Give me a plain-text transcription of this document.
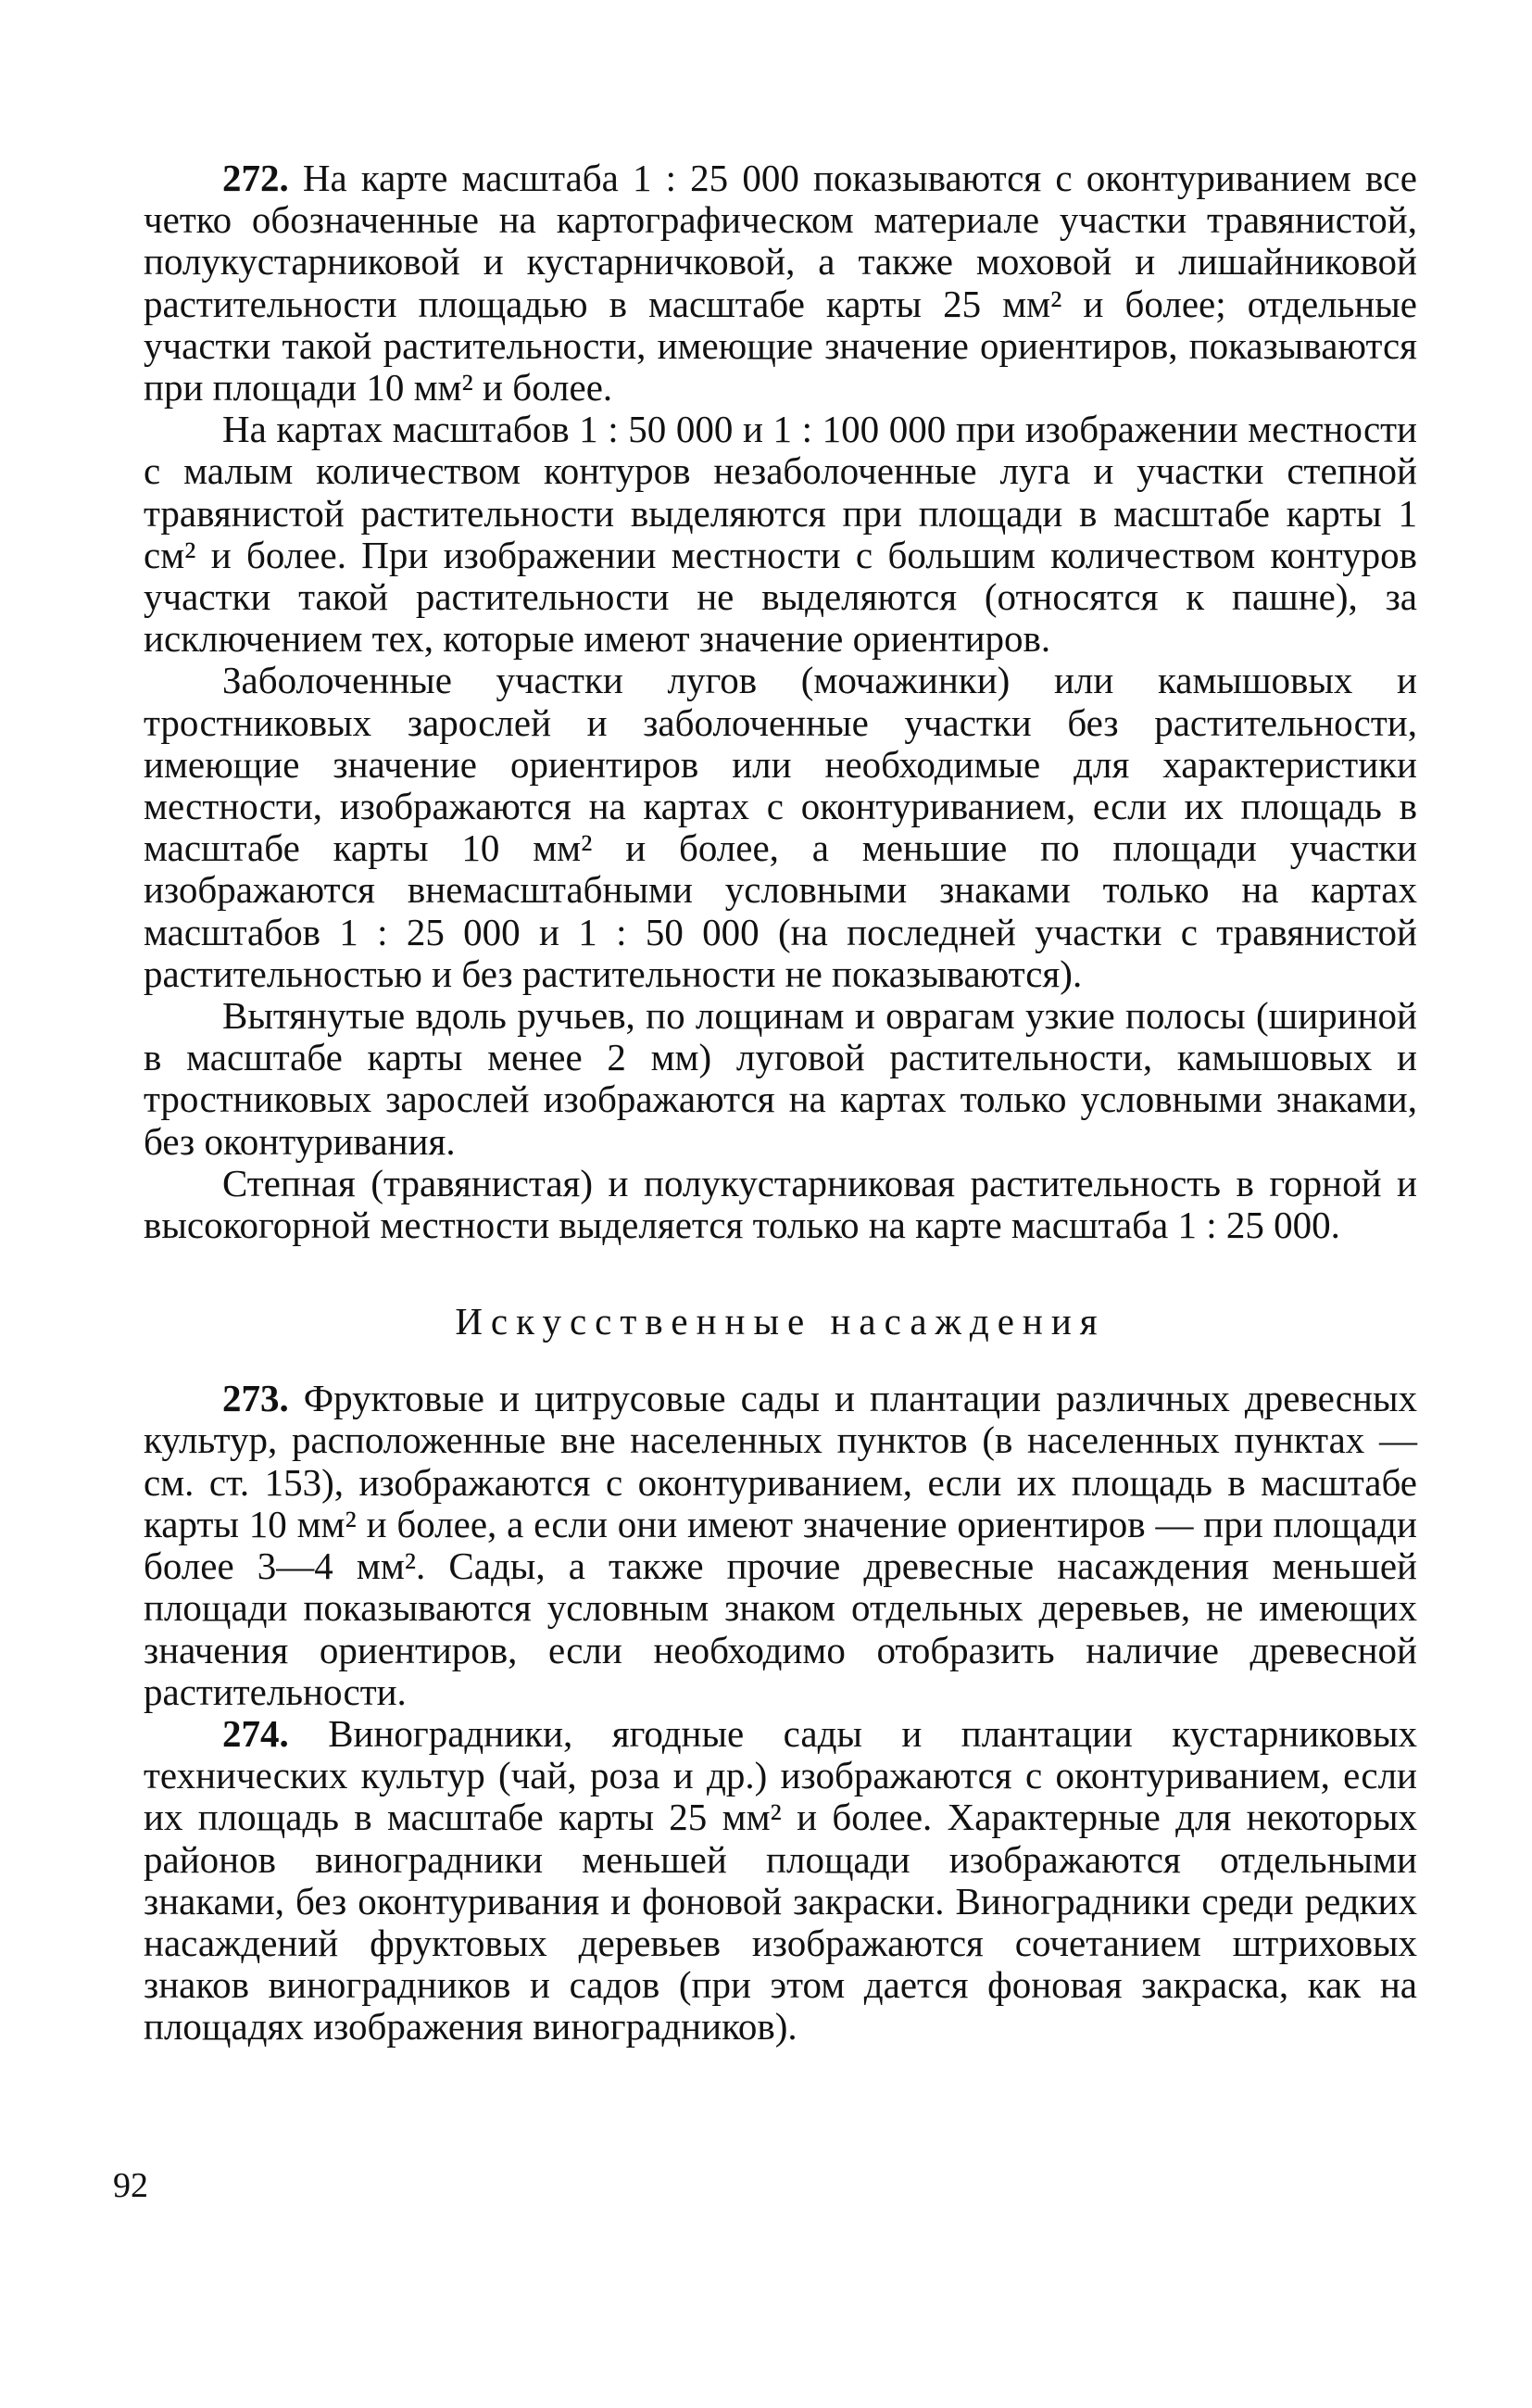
272. На карте масштаба 1 : 25 000 показываются с оконтуриванием все четко обозначенные на картографическом материале участки травянистой, полукустарниковой и кустарничковой, а также моховой и лишайниковой растительности площадью в масштабе карты 25 мм² и более; отдельные участки такой растительности, имеющие значение ориентиров, показываются при площади 10 мм² и более.

На картах масштабов 1 : 50 000 и 1 : 100 000 при изображении местности с малым количеством контуров незаболоченные луга и участки степной травянистой растительности выделяются при площади в масштабе карты 1 см² и более. При изображении местности с большим количеством контуров участки такой растительности не выделяются (относятся к пашне), за исключением тех, которые имеют значение ориентиров.

Заболоченные участки лугов (мочажинки) или камышовых и тростниковых зарослей и заболоченные участки без растительности, имеющие значение ориентиров или необходимые для характеристики местности, изображаются на картах с оконтуриванием, если их площадь в масштабе карты 10 мм² и более, а меньшие по площади участки изображаются внемасштабными условными знаками только на картах масштабов 1 : 25 000 и 1 : 50 000 (на последней участки с травянистой растительностью и без растительности не показываются).

Вытянутые вдоль ручьев, по лощинам и оврагам узкие полосы (шириной в масштабе карты менее 2 мм) луговой растительности, камышовых и тростниковых зарослей изображаются на картах только условными знаками, без оконтуривания.

Степная (травянистая) и полукустарниковая растительность в горной и высокогорной местности выделяется только на карте масштаба 1 : 25 000.

Искусственные насаждения

273. Фруктовые и цитрусовые сады и плантации различных древесных культур, расположенные вне населенных пунктов (в населенных пунктах — см. ст. 153), изображаются с оконтуриванием, если их площадь в масштабе карты 10 мм² и более, а если они имеют значение ориентиров — при площади более 3—4 мм². Сады, а также прочие древесные насаждения меньшей площади показываются условным знаком отдельных деревьев, не имеющих значения ориентиров, если необходимо отобразить наличие древесной растительности.

274. Виноградники, ягодные сады и плантации кустарниковых технических культур (чай, роза и др.) изображаются с оконтуриванием, если их площадь в масштабе карты 25 мм² и более. Характерные для некоторых районов виноградники меньшей площади изображаются отдельными знаками, без оконтуривания и фоновой закраски. Виноградники среди редких насаждений фруктовых деревьев изображаются сочетанием штриховых знаков виноградников и садов (при этом дается фоновая закраска, как на площадях изображения виноградников).

92
